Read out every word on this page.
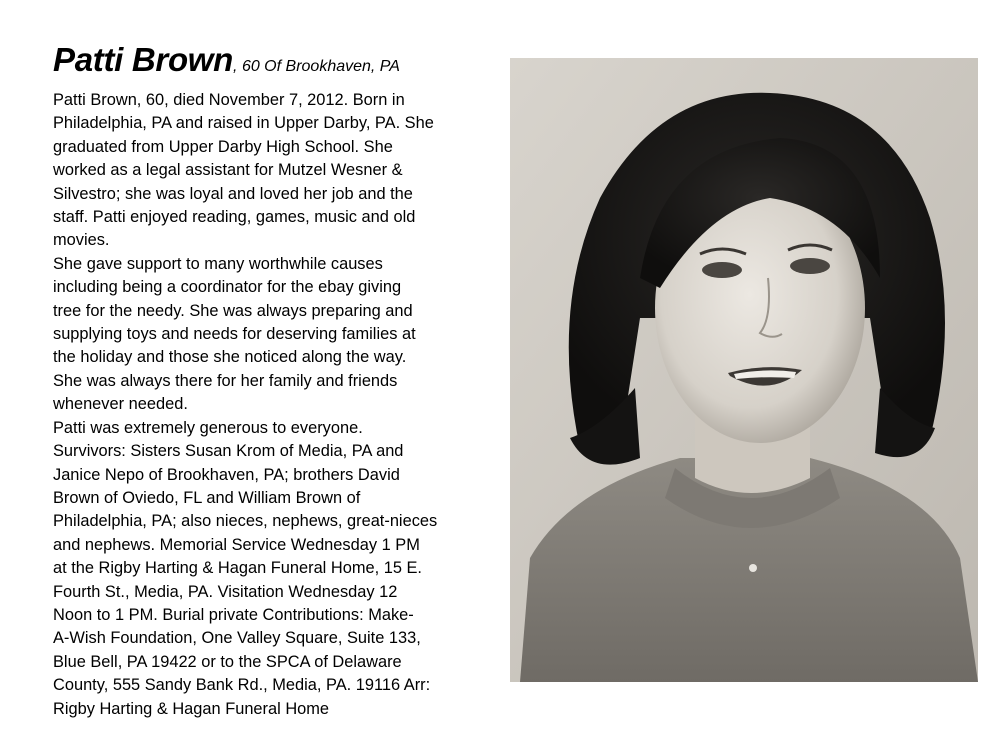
Patti Brown, 60 Of Brookhaven, PA
Patti Brown, 60, died November 7, 2012. Born in
Philadelphia, PA and raised in Upper Darby, PA. She
graduated from Upper Darby High School. She
worked as a legal assistant for Mutzel Wesner &
Silvestro; she was loyal and loved her job and the
staff. Patti enjoyed reading, games, music and old
movies.
She gave support to many worthwhile causes
including being a coordinator for the ebay giving
tree for the needy. She was always preparing and
supplying toys and needs for deserving families at
the holiday and those she noticed along the way.
She was always there for her family and friends
whenever needed.
Patti was extremely generous to everyone.
Survivors: Sisters Susan Krom of Media, PA and
Janice Nepo of Brookhaven, PA; brothers David
Brown of Oviedo, FL and William Brown of
Philadelphia, PA; also nieces, nephews, great-nieces
and nephews. Memorial Service Wednesday 1 PM
at the Rigby Harting & Hagan Funeral Home, 15 E.
Fourth St., Media, PA. Visitation Wednesday 12
Noon to 1 PM. Burial private Contributions: Make-
A-Wish Foundation, One Valley Square, Suite 133,
Blue Bell, PA 19422 or to the SPCA of Delaware
County, 555 Sandy Bank Rd., Media, PA. 19116 Arr:
Rigby Harting & Hagan Funeral Home
